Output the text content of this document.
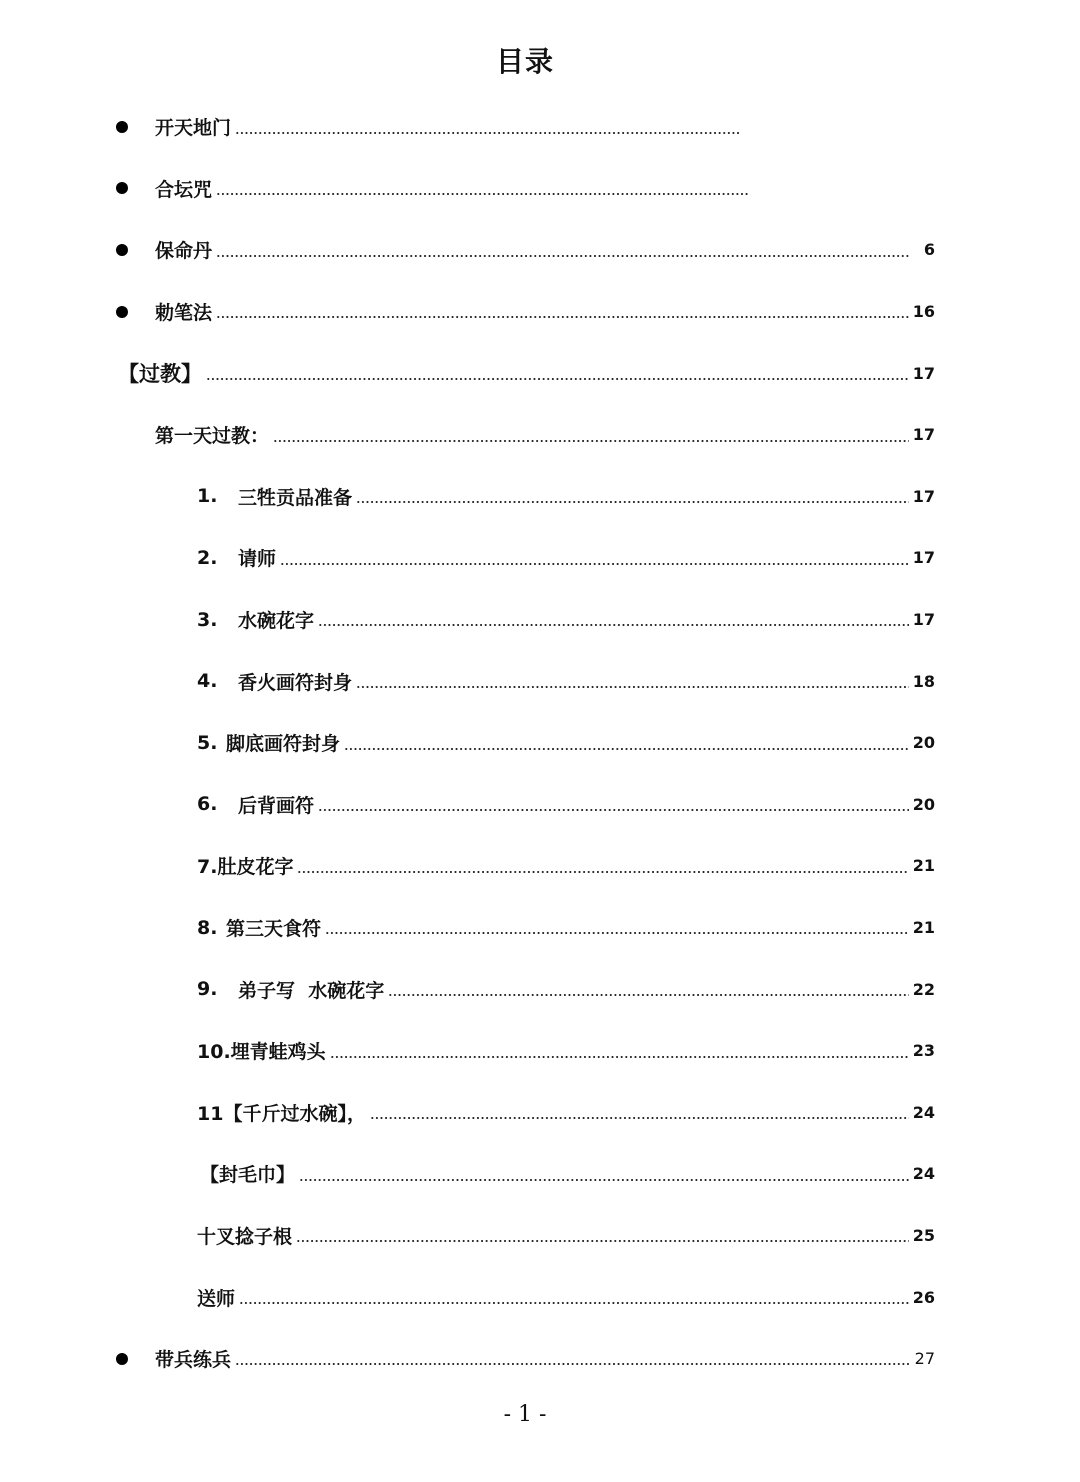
目录
开天地门
合坛咒
保命丹	6
勅笔法	16
【过教】	17
第一天过教：	17
1.	三牲贡品准备	17
2.	请师	17
3.	水碗花字	17
4.	香火画符封身	18
5. 脚底画符封身	20
6.	后背画符	20
7.肚皮花字	21
8. 第三天食符	21
9.	弟子写  水碗花字	22
10.埋青蛙鸡头	23
11【千斤过水碗】，	24
【封毛巾】	24
十叉捻子根	25
送师	26
带兵练兵	27
- 1 -
